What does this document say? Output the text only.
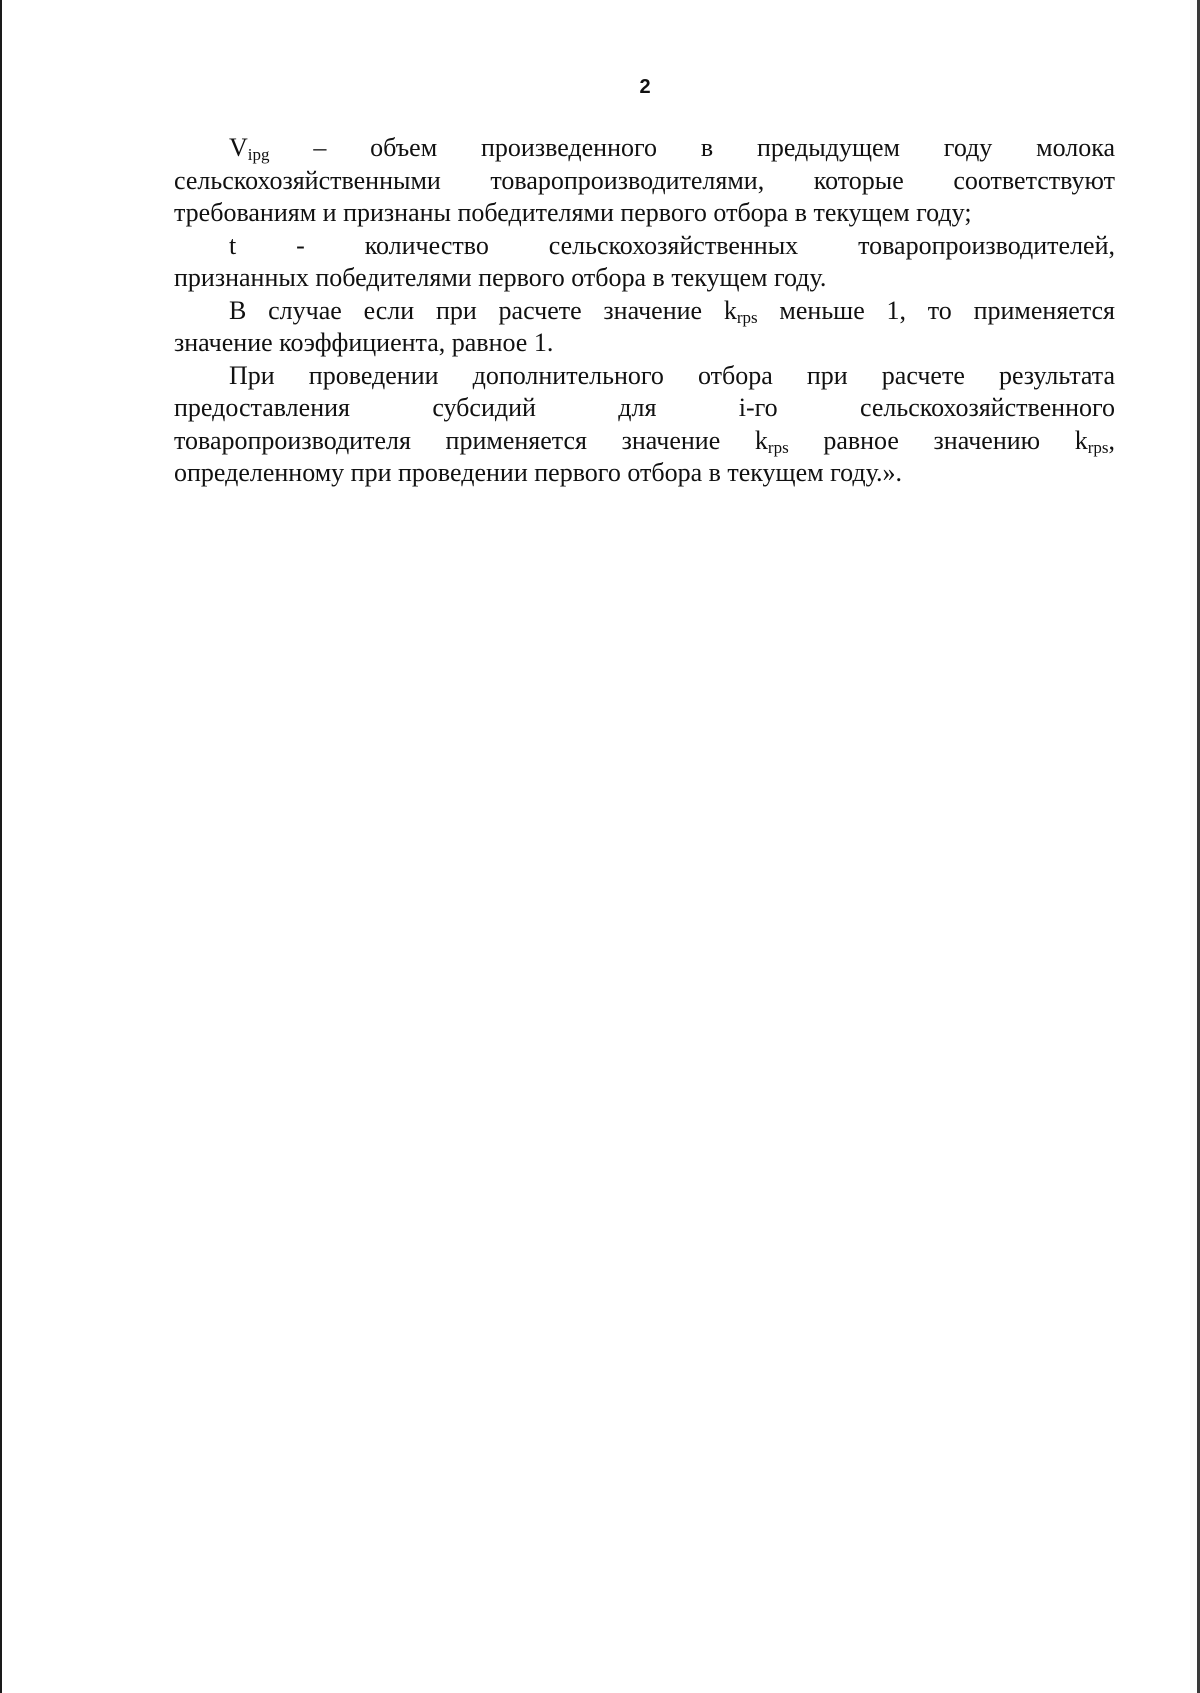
2
$V_{ipg}$ – объем произведенного в предыдущем году молока
сельскохозяйственными товаропроизводителями, которые соответствуют
требованиям и признаны победителями первого отбора в текущем году;
t - количество сельскохозяйственных товаропроизводителей,
признанных победителями первого отбора в текущем году.
В случае если при расчете значение $k_{rps}$ меньше 1, то применяется
значение коэффициента, равное 1.
При проведении дополнительного отбора при расчете результата
предоставления субсидий для i-го сельскохозяйственного
товаропроизводителя применяется значение $k_{rps}$ равное значению $k_{rps}$,
определенному при проведении первого отбора в текущем году.».
